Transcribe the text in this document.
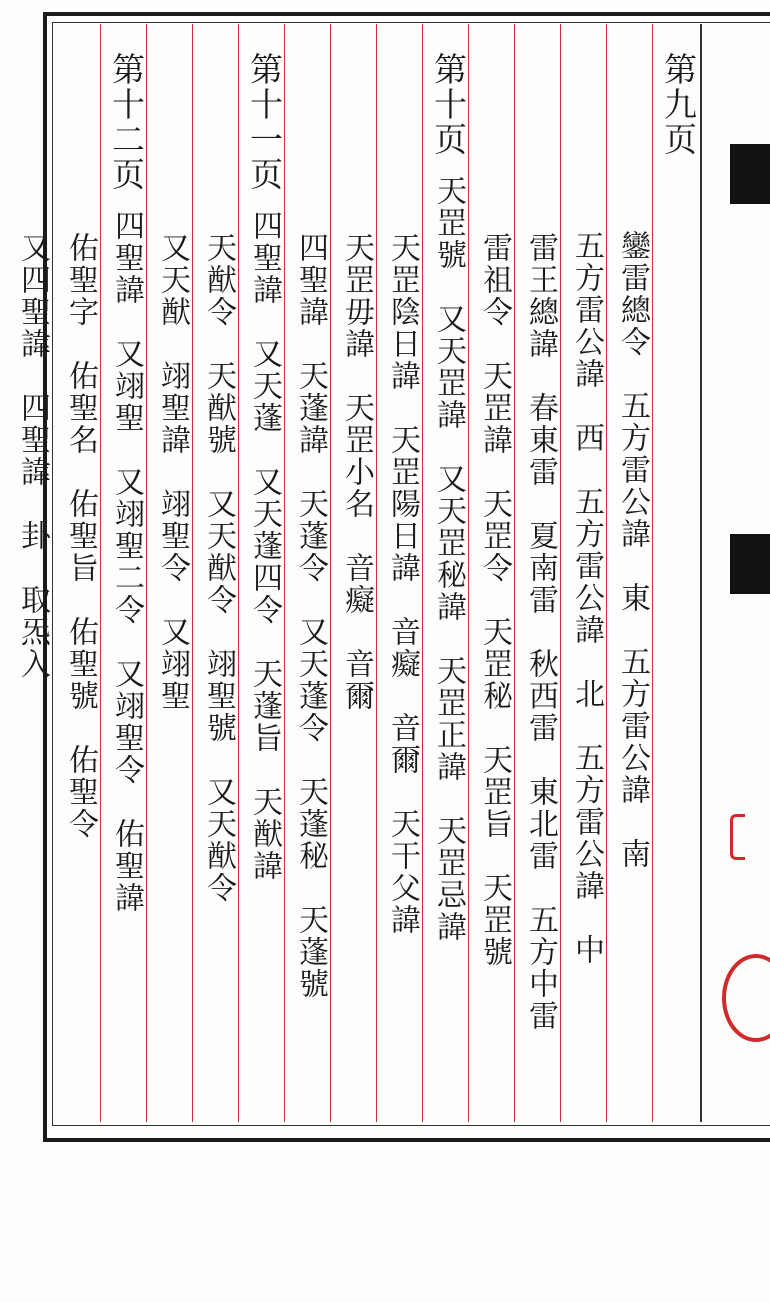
第九页
鑾雷總令　五方雷公諱　東　五方雷公諱　南
五方雷公諱　西　五方雷公諱　北　五方雷公諱　中
雷王總諱　春東雷　夏南雷　秋西雷　東北雷　五方中雷
雷祖令　天罡諱　天罡令　天罡秘　天罡旨　天罡號
第十页天罡號　又天罡諱　又天罡秘諱　天罡正諱　天罡忌諱
天罡陰日諱　天罡陽日諱　音癡　音爾　天干父諱
天罡毋諱　天罡小名　音癡　音爾
四聖諱　天蓬諱　天蓬令　又天蓬令　天蓬秘　天蓬號
第十一页四聖諱　又天蓬　又天蓬四令　天蓬旨　天猷諱
天猷令　天猷號　又天猷令　翊聖號　又天猷令
又天猷　翊聖諱　翊聖令　又翊聖
第十二页四聖諱　又翊聖　又翊聖二令　又翊聖令　佑聖諱
佑聖字　佑聖名　佑聖旨　佑聖號　佑聖令
又四聖諱　四聖諱　卦　取炁入
